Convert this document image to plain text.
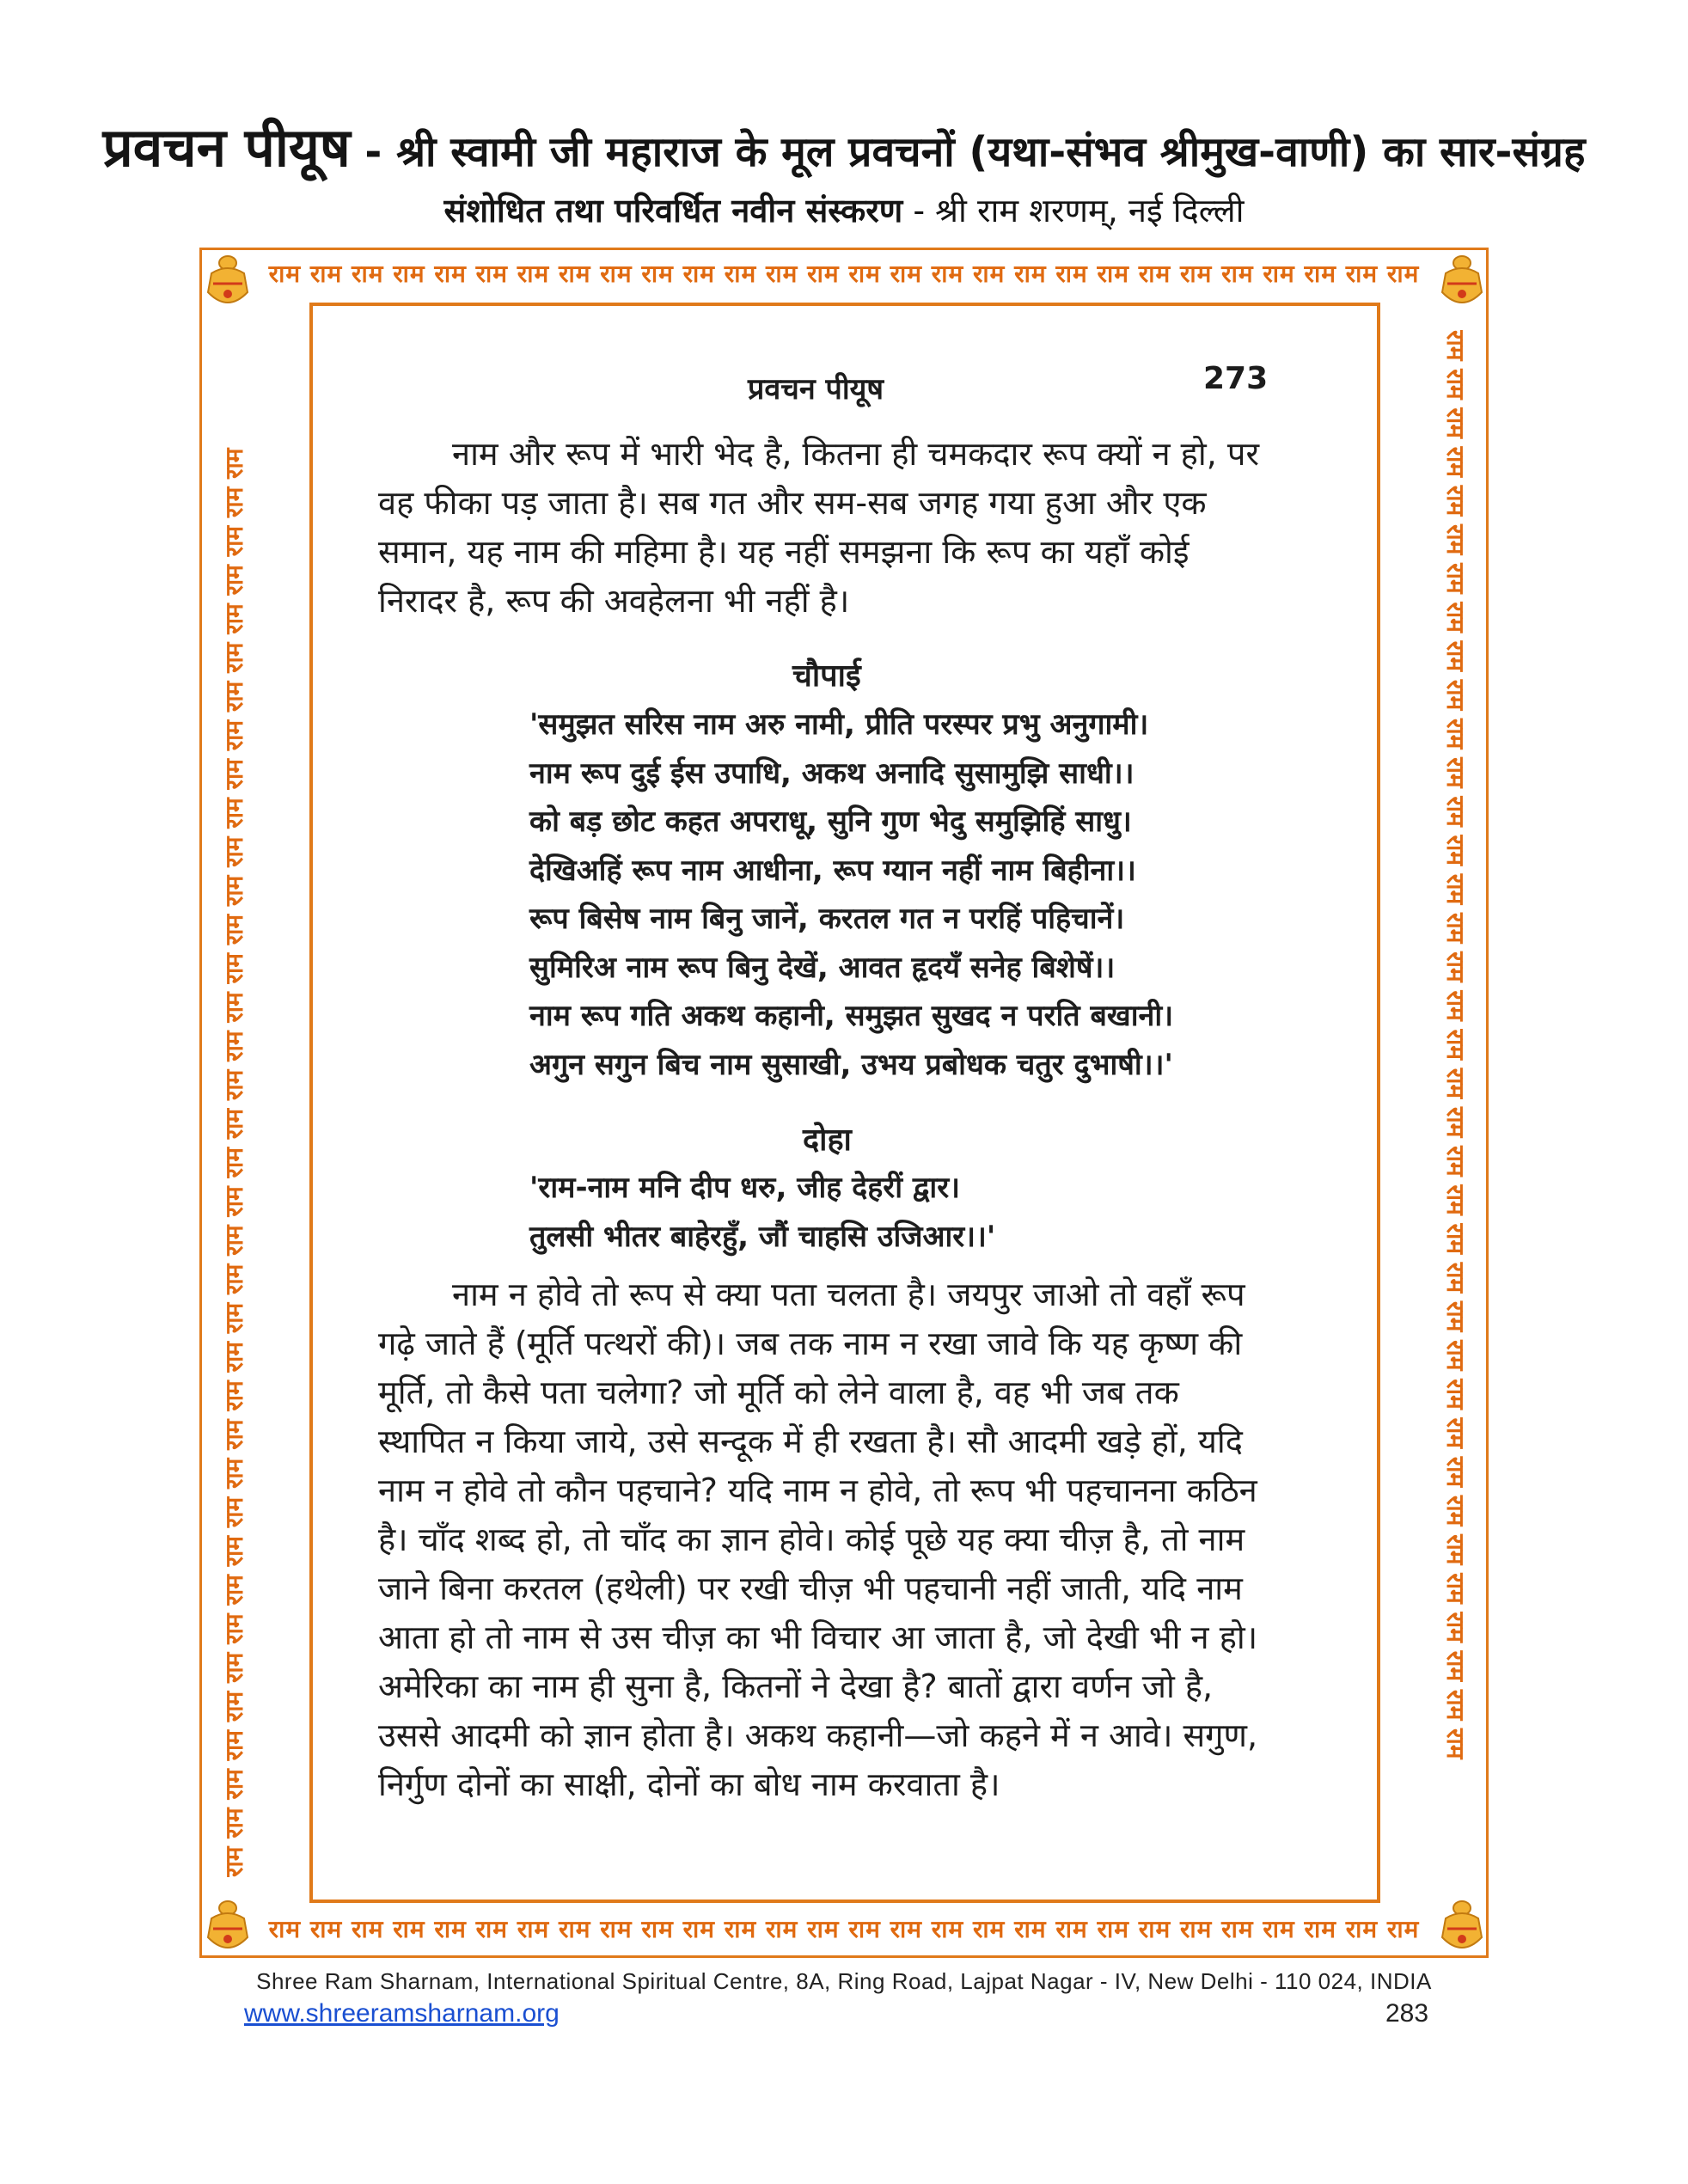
प्रवचन पीयूष - श्री स्वामी जी महाराज के मूल प्रवचनों (यथा-संभव श्रीमुख-वाणी) का सार-संग्रह
संशोधित तथा परिवर्धित नवीन संस्करण - श्री राम शरणम्, नई दिल्ली
राम राम राम राम राम राम राम राम राम राम राम राम राम राम राम राम राम राम राम राम राम राम राम राम राम राम राम राम
राम राम राम राम राम राम राम राम राम राम राम राम राम राम राम राम राम राम राम राम राम राम राम राम राम राम राम राम
राम राम राम राम राम राम राम राम राम राम राम राम राम राम राम राम राम राम राम राम राम राम राम राम राम राम राम राम राम राम राम राम राम राम राम राम राम	राम राम राम राम राम राम राम राम राम राम राम राम राम राम राम राम राम राम राम राम राम राम राम राम राम राम राम राम राम राम राम राम राम राम राम राम राम
प्रवचन पीयूष	273

नाम और रूप में भारी भेद है, कितना ही चमकदार रूप क्यों न हो, पर

वह फीका पड़ जाता है। सब गत और सम-सब जगह गया हुआ और एक

समान, यह नाम की महिमा है। यह नहीं समझना कि रूप का यहाँ कोई

निरादर है, रूप की अवहेलना भी नहीं है।

चौपाई
'समुझत सरिस नाम अरु नामी, प्रीति परस्पर प्रभु अनुगामी।
नाम रूप दुई ईस उपाधि, अकथ अनादि सुसामुझि साधी।।
को बड़ छोट कहत अपराधू, सुनि गुण भेदु समुझिहिं साधु।
देखिअहिं रूप नाम आधीना, रूप ग्यान नहीं नाम बिहीना।।
रूप बिसेष नाम बिनु जानें, करतल गत न परहिं पहिचानें।
सुमिरिअ नाम रूप बिनु देखें, आवत हृदयँ सनेह बिशेषें।।
नाम रूप गति अकथ कहानी, समुझत सुखद न परति बखानी।
अगुन सगुन बिच नाम सुसाखी, उभय प्रबोधक चतुर दुभाषी।।'
दोहा
'राम-नाम मनि दीप धरु, जीह देहरीं द्वार।
तुलसी भीतर बाहेरहुँ, जौं चाहसि उजिआर।।'

नाम न होवे तो रूप से क्या पता चलता है। जयपुर जाओ तो वहाँ रूप

गढ़े जाते हैं (मूर्ति पत्थरों की)। जब तक नाम न रखा जावे कि यह कृष्ण की

मूर्ति, तो कैसे पता चलेगा? जो मूर्ति को लेने वाला है, वह भी जब तक

स्थापित न किया जाये, उसे सन्दूक में ही रखता है। सौ आदमी खड़े हों, यदि

नाम न होवे तो कौन पहचाने? यदि नाम न होवे, तो रूप भी पहचानना कठिन

है। चाँद शब्द हो, तो चाँद का ज्ञान होवे। कोई पूछे यह क्या चीज़ है, तो नाम

जाने बिना करतल (हथेली) पर रखी चीज़ भी पहचानी नहीं जाती, यदि नाम

आता हो तो नाम से उस चीज़ का भी विचार आ जाता है, जो देखी भी न हो।

अमेरिका का नाम ही सुना है, कितनों ने देखा है? बातों द्वारा वर्णन जो है,

उससे आदमी को ज्ञान होता है। अकथ कहानी—जो कहने में न आवे। सगुण,

निर्गुण दोनों का साक्षी, दोनों का बोध नाम करवाता है।

Shree Ram Sharnam, International Spiritual Centre, 8A, Ring Road, Lajpat Nagar - IV, New Delhi - 110 024, INDIA
www.shreeramsharnam.org	283
